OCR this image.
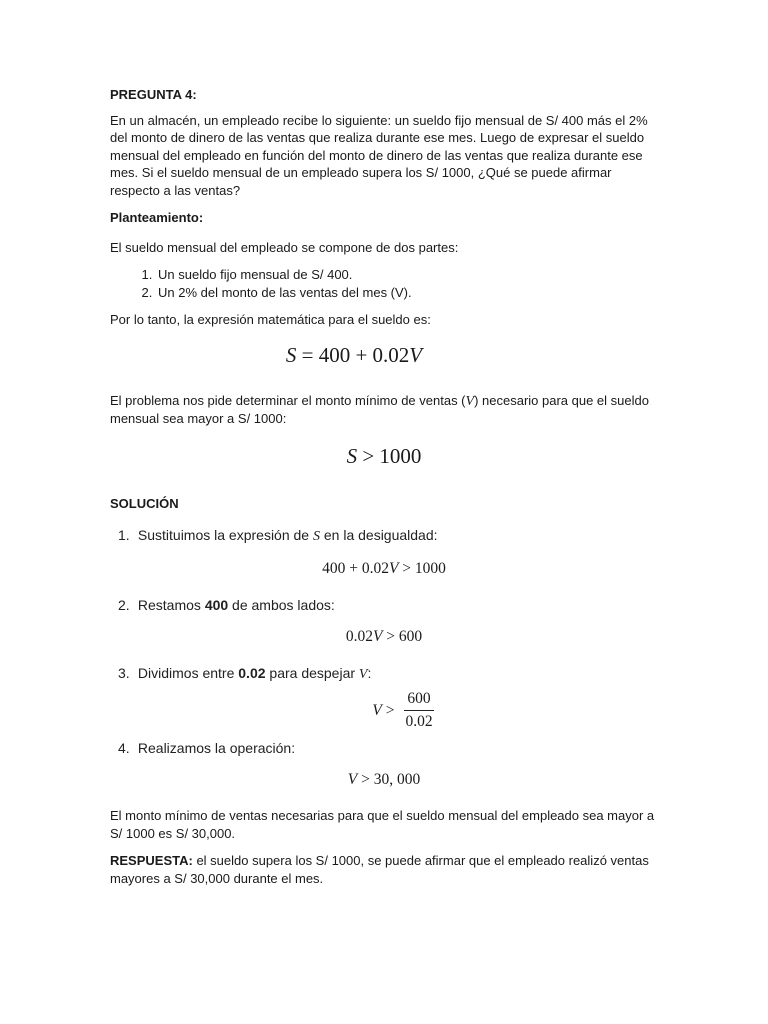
PREGUNTA 4:

En un almacén, un empleado recibe lo siguiente: un sueldo fijo mensual de S/ 400 más el 2% del monto de dinero de las ventas que realiza durante ese mes. Luego de expresar el sueldo mensual del empleado en función del monto de dinero de las ventas que realiza durante ese mes. Si el sueldo mensual de un empleado supera los S/ 1000, ¿Qué se puede afirmar respecto a las ventas?

Planteamiento:

El sueldo mensual del empleado se compone de dos partes:

1. Un sueldo fijo mensual de S/ 400.
2. Un 2% del monto de las ventas del mes (V).

Por lo tanto, la expresión matemática para el sueldo es:

S = 400 + 0.02V

El problema nos pide determinar el monto mínimo de ventas (V) necesario para que el sueldo mensual sea mayor a S/ 1000:

S > 1000

SOLUCIÓN

1. Sustituimos la expresión de S en la desigualdad:

400 + 0.02V > 1000

2. Restamos 400 de ambos lados:

0.02V > 600

3. Dividimos entre 0.02 para despejar V:

V
> $\frac{600}{0.02}$

4. Realizamos la operación:

V > 30, 000

El monto mínimo de ventas necesarias para que el sueldo mensual del empleado sea mayor a S/ 1000 es S/ 30,000.

RESPUESTA: el sueldo supera los S/ 1000, se puede afirmar que el empleado realizó ventas mayores a S/ 30,000 durante el mes.
